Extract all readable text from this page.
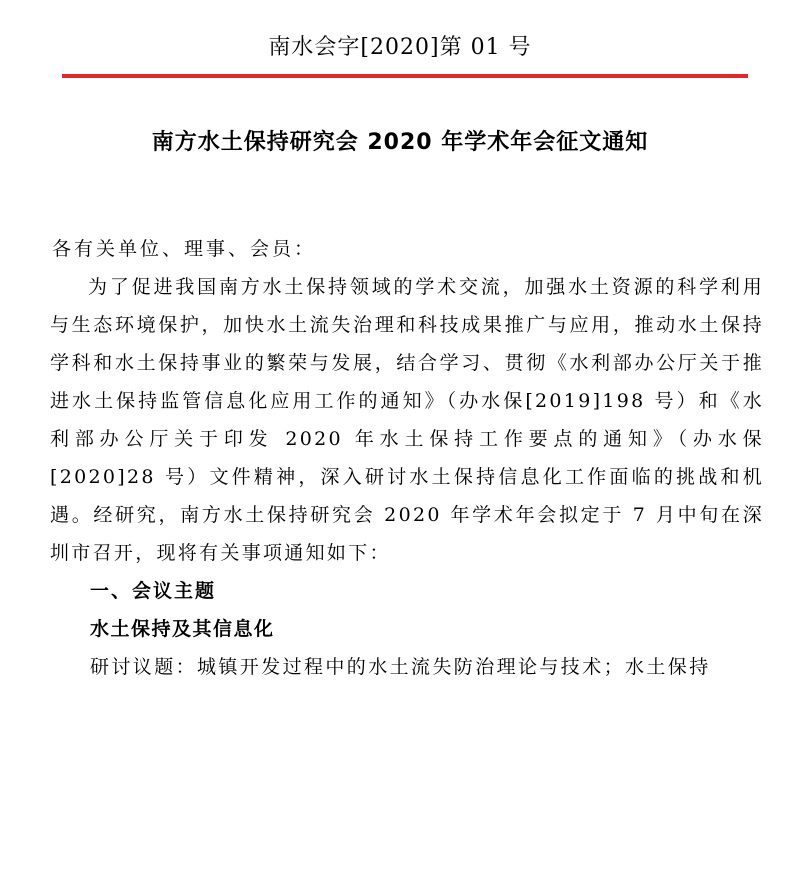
南水会字[2020]第 01 号
南方水土保持研究会 2020 年学术年会征文通知

各有关单位、理事、会员：

为了促进我国南方水土保持领域的学术交流，加强水土资源的科学利用与生态环境保护，加快水土流失治理和科技成果推广与应用，推动水土保持学科和水土保持事业的繁荣与发展，结合学习、贯彻《水利部办公厅关于推进水土保持监管信息化应用工作的通知》（办水保[2019]198 号）和《水利部办公厅关于印发 2020 年水土保持工作要点的通知》（办水保[2020]28 号）文件精神，深入研讨水土保持信息化工作面临的挑战和机遇。经研究，南方水土保持研究会 2020 年学术年会拟定于 7 月中旬在深圳市召开，现将有关事项通知如下：

一、会议主题

水土保持及其信息化

研讨议题：城镇开发过程中的水土流失防治理论与技术；水土保持
